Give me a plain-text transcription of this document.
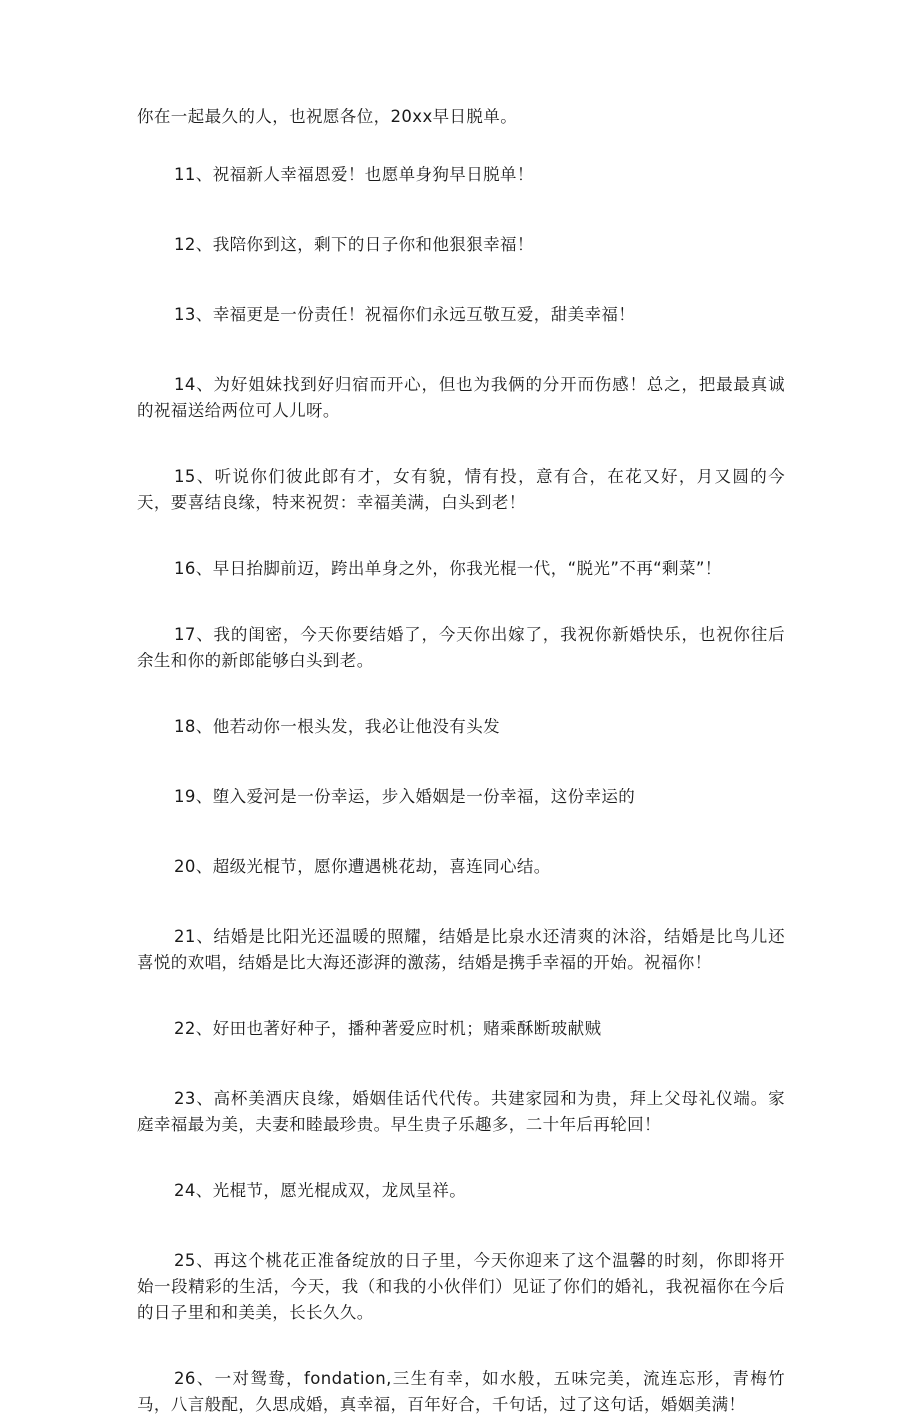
你在一起最久的人，也祝愿各位，20xx早日脱单。

11、祝福新人幸福恩爱！也愿单身狗早日脱单！

12、我陪你到这，剩下的日子你和他狠狠幸福！

13、幸福更是一份责任！祝福你们永远互敬互爱，甜美幸福！

14、为好姐妹找到好归宿而开心，但也为我俩的分开而伤感！总之，把最最真诚的祝福送给两位可人儿呀。

15、听说你们彼此郎有才，女有貌，情有投，意有合，在花又好，月又圆的今天，要喜结良缘，特来祝贺：幸福美满，白头到老！

16、早日抬脚前迈，跨出单身之外，你我光棍一代，“脱光”不再“剩菜”！

17、我的闺密，今天你要结婚了，今天你出嫁了，我祝你新婚快乐，也祝你往后余生和你的新郎能够白头到老。

18、他若动你一根头发，我必让他没有头发

19、堕入爱河是一份幸运，步入婚姻是一份幸福，这份幸运的

20、超级光棍节，愿你遭遇桃花劫，喜连同心结。

21、结婚是比阳光还温暖的照耀，结婚是比泉水还清爽的沐浴，结婚是比鸟儿还喜悦的欢唱，结婚是比大海还澎湃的激荡，结婚是携手幸福的开始。祝福你！

22、好田也著好种子，播种著爱应时机；赌乘酥断玻献贼

23、高杯美酒庆良缘，婚姻佳话代代传。共建家园和为贵，拜上父母礼仪端。家庭幸福最为美，夫妻和睦最珍贵。早生贵子乐趣多，二十年后再轮回！

24、光棍节，愿光棍成双，龙凤呈祥。

25、再这个桃花正准备绽放的日子里，今天你迎来了这个温馨的时刻，你即将开始一段精彩的生活，今天，我（和我的小伙伴们）见证了你们的婚礼，我祝福你在今后的日子里和和美美，长长久久。

26、一对鸳鸯，fondation,三生有幸，如水般，五味完美，流连忘形，青梅竹马，八言般配，久思成婚，真幸福，百年好合，千句话，过了这句话，婚姻美满！
